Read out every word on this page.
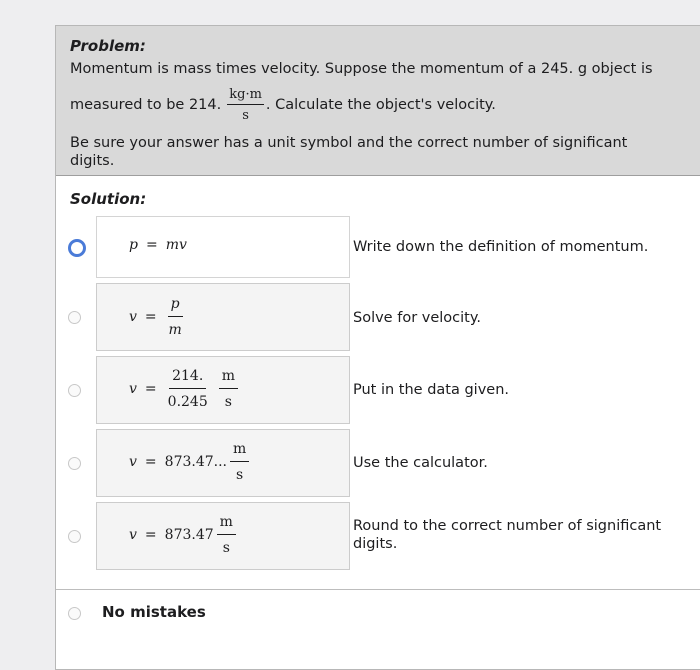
Problem:
Momentum is mass times velocity. Suppose the momentum of a 245. g object is
measured to be 214. $\frac{kg\cdot m}{s}$ . Calculate the object's velocity.
Be sure your answer has a unit symbol and the correct number of significant digits.
Solution:
p = mv	Write down the definition of momentum.
$v = \frac{p}{m}$	Solve for velocity.
$v = \frac{214.}{0.245} \frac{m}{s}$	Put in the data given.
v = 873.47... $\frac{m}{s}$	Use the calculator.
$v = 873.47 \frac{m}{s}$	Round to the correct number of significant digits.
No mistakes
